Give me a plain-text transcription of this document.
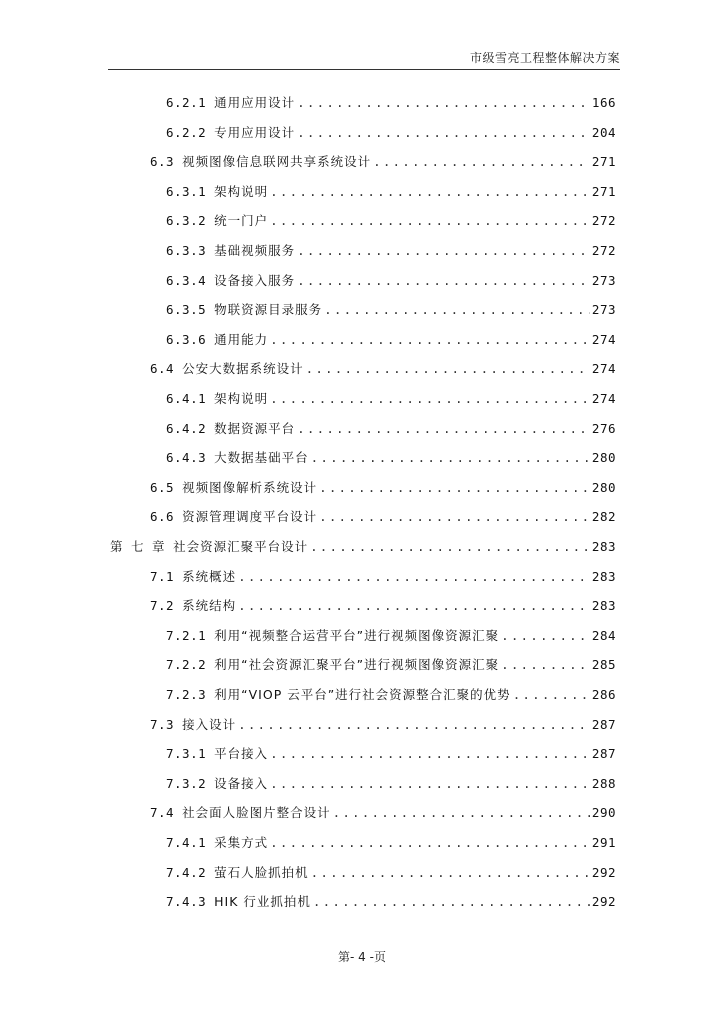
市级雪亮工程整体解决方案
6.2.1 通用应用设计 .....	166
6.2.2 专用应用设计 .....	204
6.3 视频图像信息联网共享系统设计 .....	271
6.3.1 架构说明 .....	271
6.3.2 统一门户 .....	272
6.3.3 基础视频服务 .....	272
6.3.4 设备接入服务 .....	273
6.3.5 物联资源目录服务 .....	273
6.3.6 通用能力 .....	274
6.4 公安大数据系统设计 .....	274
6.4.1 架构说明 .....	274
6.4.2 数据资源平台 .....	276
6.4.3 大数据基础平台 .....	280
6.5 视频图像解析系统设计 .....	280
6.6 资源管理调度平台设计 .....	282
第 七 章 社会资源汇聚平台设计 .....	283
7.1 系统概述 .....	283
7.2 系统结构 .....	283
7.2.1 利用“视频整合运营平台”进行视频图像资源汇聚 .....	284
7.2.2 利用“社会资源汇聚平台”进行视频图像资源汇聚 .....	285
7.2.3 利用“VIOP 云平台”进行社会资源整合汇聚的优势 .....	286
7.3 接入设计 .....	287
7.3.1 平台接入 .....	287
7.3.2 设备接入 .....	288
7.4 社会面人脸图片整合设计 .....	290
7.4.1 采集方式 .....	291
7.4.2 萤石人脸抓拍机 .....	292
7.4.3 HIK 行业抓拍机 .....	292
第- 4 -页
